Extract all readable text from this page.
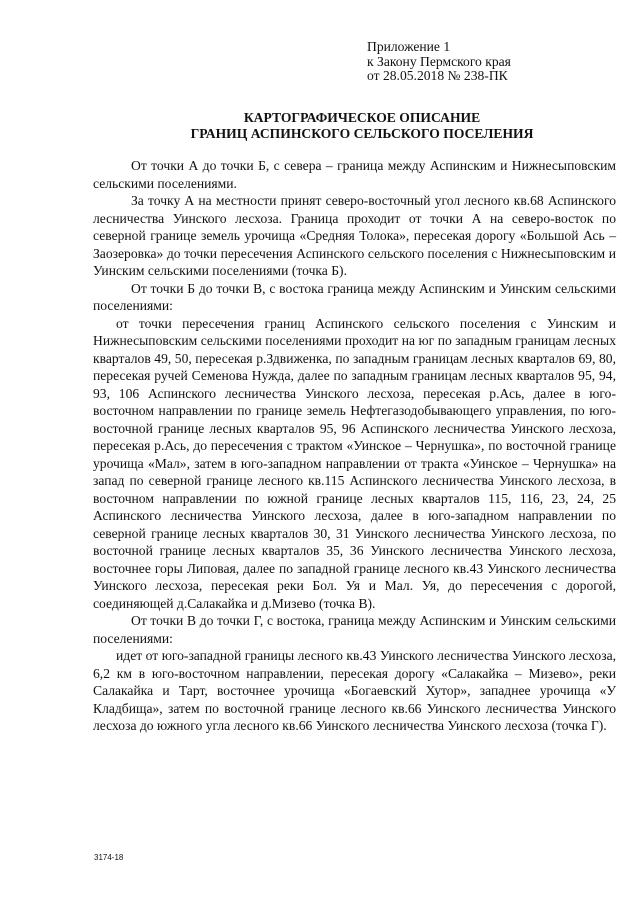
Приложение 1
к Закону Пермского края
от 28.05.2018 № 238-ПК
КАРТОГРАФИЧЕСКОЕ ОПИСАНИЕ
ГРАНИЦ АСПИНСКОГО СЕЛЬСКОГО ПОСЕЛЕНИЯ

От точки А до точки Б, с севера – граница между Аспинским и Нижнесыповским сельскими поселениями.

За точку А на местности принят северо-восточный угол лесного кв.68 Аспинского лесничества Уинского лесхоза. Граница проходит от точки А на северо-восток по северной границе земель урочища «Средняя Толока», пересекая дорогу «Большой Ась – Заозеровка» до точки пересечения Аспинского сельского поселения с Нижнесыповским и Уинским сельскими поселениями (точка Б).

От точки Б до точки В, с востока граница между Аспинским и Уинским сельскими поселениями:

от точки пересечения границ Аспинского сельского поселения с Уинским и Нижнесыповским сельскими поселениями проходит на юг по западным границам лесных кварталов 49, 50, пересекая р.Здвиженка, по западным границам лесных кварталов 69, 80, пересекая ручей Семенова Нужда, далее по западным границам лесных кварталов 95, 94, 93, 106 Аспинского лесничества Уинского лесхоза, пересекая р.Ась, далее в юго-восточном направлении по границе земель Нефтегазодобывающего управления, по юго-восточной границе лесных кварталов 95, 96 Аспинского лесничества Уинского лесхоза, пересекая р.Ась, до пересечения с трактом «Уинское – Чернушка», по восточной границе урочища «Мал», затем в юго-западном направлении от тракта «Уинское – Чернушка» на запад по северной границе лесного кв.115 Аспинского лесничества Уинского лесхоза, в восточном направлении по южной границе лесных кварталов 115, 116, 23, 24, 25 Аспинского лесничества Уинского лесхоза, далее в юго-западном направлении по северной границе лесных кварталов 30, 31 Уинского лесничества Уинского лесхоза, по восточной границе лесных кварталов 35, 36 Уинского лесничества Уинского лесхоза, восточнее горы Липовая, далее по западной границе лесного кв.43 Уинского лесничества Уинского лесхоза, пересекая реки Бол. Уя и Мал. Уя, до пересечения с дорогой, соединяющей д.Салакайка и д.Мизево (точка В).

От точки В до точки Г, с востока, граница между Аспинским и Уинским сельскими поселениями:

идет от юго-западной границы лесного кв.43 Уинского лесничества Уинского лесхоза, 6,2 км в юго-восточном направлении, пересекая дорогу «Салакайка – Мизево», реки Салакайка и Тарт, восточнее урочища «Богаевский Хутор», западнее урочища «У Кладбища», затем по восточной границе лесного кв.66 Уинского лесничества Уинского лесхоза до южного угла лесного кв.66 Уинского лесничества Уинского лесхоза (точка Г).

3174-18
